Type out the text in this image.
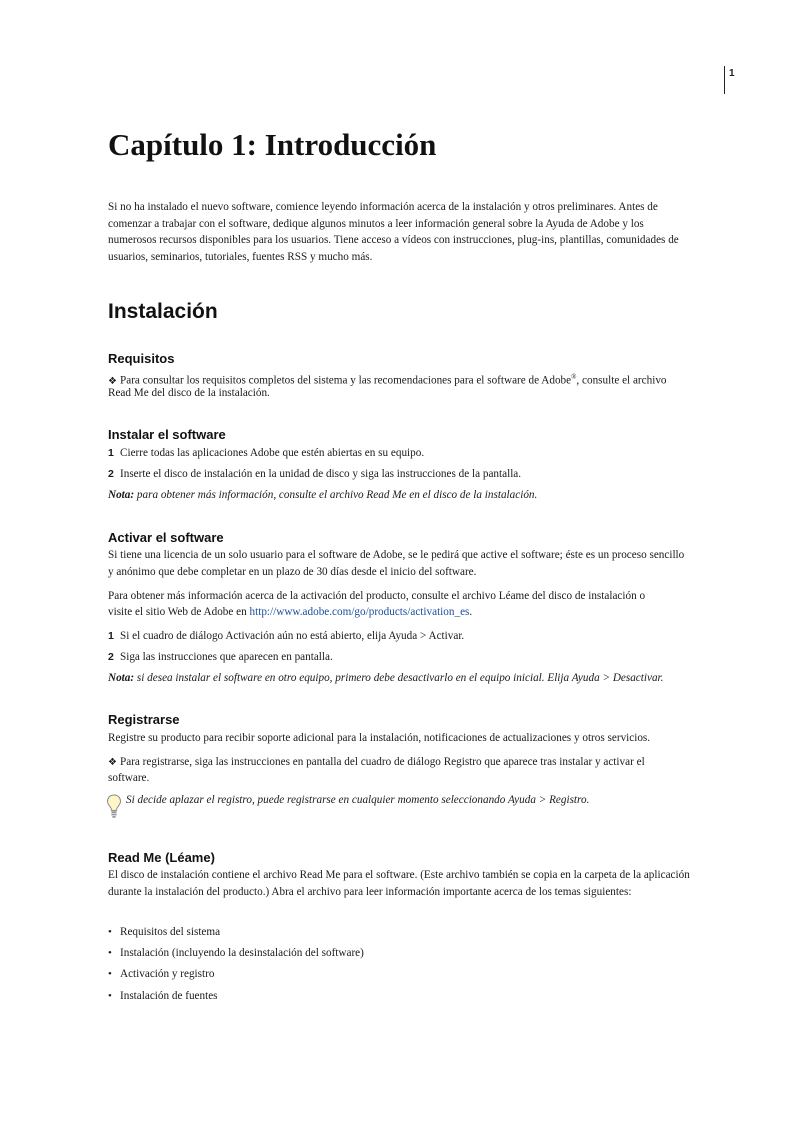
1
Capítulo 1: Introducción

Si no ha instalado el nuevo software, comience leyendo información acerca de la instalación y otros preliminares. Antes de comenzar a trabajar con el software, dedique algunos minutos a leer información general sobre la Ayuda de Adobe y los numerosos recursos disponibles para los usuarios. Tiene acceso a vídeos con instrucciones, plug-ins, plantillas, comunidades de usuarios, seminarios, tutoriales, fuentes RSS y mucho más.

Instalación
Requisitos

❖ Para consultar los requisitos completos del sistema y las recomendaciones para el software de Adobe®, consulte el archivo

Read Me del disco de la instalación.

Instalar el software

1 Cierre todas las aplicaciones Adobe que estén abiertas en su equipo.

2 Inserte el disco de instalación en la unidad de disco y siga las instrucciones de la pantalla.

Nota: para obtener más información, consulte el archivo Read Me en el disco de la instalación.

Activar el software

Si tiene una licencia de un solo usuario para el software de Adobe, se le pedirá que active el software; éste es un proceso sencillo y anónimo que debe completar en un plazo de 30 días desde el inicio del software.

Para obtener más información acerca de la activación del producto, consulte el archivo Léame del disco de instalación o

visite el sitio Web de Adobe en http://www.adobe.com/go/products/activation_es.

1 Si el cuadro de diálogo Activación aún no está abierto, elija Ayuda > Activar.

2 Siga las instrucciones que aparecen en pantalla.

Nota: si desea instalar el software en otro equipo, primero debe desactivarlo en el equipo inicial. Elija Ayuda > Desactivar.

Registrarse

Registre su producto para recibir soporte adicional para la instalación, notificaciones de actualizaciones y otros servicios.

❖ Para registrarse, siga las instrucciones en pantalla del cuadro de diálogo Registro que aparece tras instalar y activar el

software.

Si decide aplazar el registro, puede registrarse en cualquier momento seleccionando Ayuda > Registro.

Read Me (Léame)

El disco de instalación contiene el archivo Read Me para el software. (Este archivo también se copia en la carpeta de la aplicación durante la instalación del producto.) Abra el archivo para leer información importante acerca de los temas siguientes:

• Requisitos del sistema

• Instalación (incluyendo la desinstalación del software)

• Activación y registro

• Instalación de fuentes
